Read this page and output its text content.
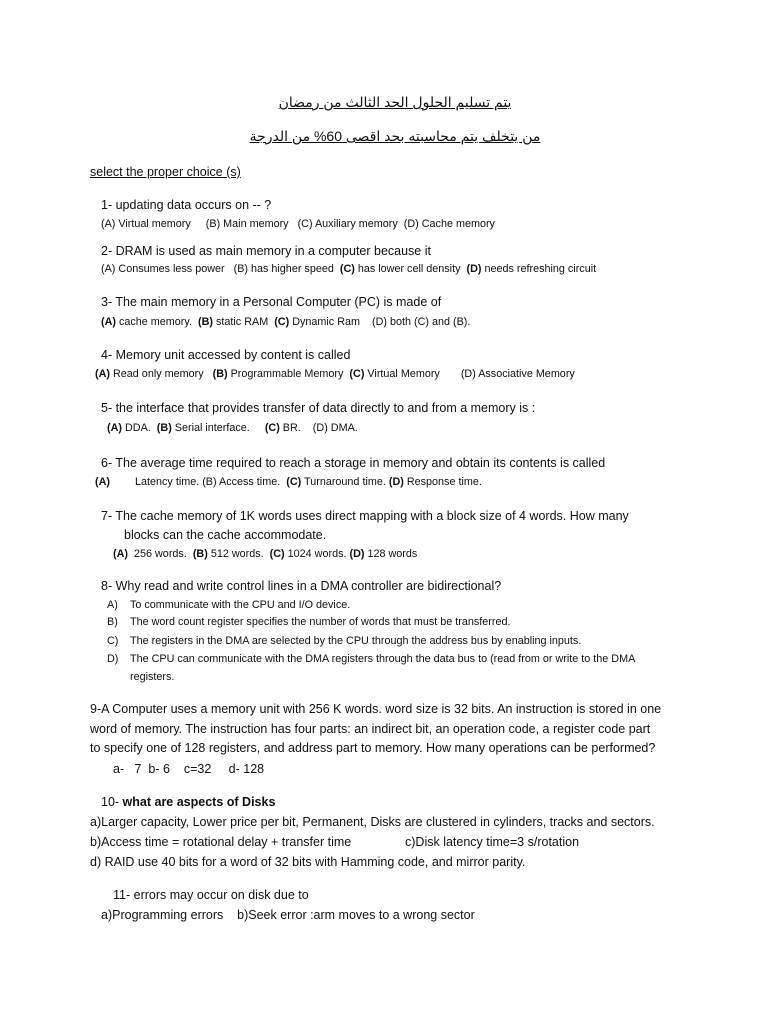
يتم تسليم الحلول الحد الثالث من رمضان
من يتخلف يتم محاسبته بحد اقصى 60% من الدرجة
select the proper choice (s)
1- updating data occurs on -- ?
(A) Virtual memory     (B) Main memory   (C) Auxiliary memory  (D) Cache memory
2- DRAM is used as main memory in a computer because it
(A) Consumes less power   (B) has higher speed  (C) has lower cell density  (D) needs refreshing circuit
3- The main memory in a Personal Computer (PC) is made of
(A) cache memory.  (B) static RAM  (C) Dynamic Ram    (D) both (C) and (B).
4- Memory unit accessed by content is called
(A) Read only memory   (B) Programmable Memory  (C) Virtual Memory       (D) Associative Memory
5- the interface that provides transfer of data directly to and from a memory is :
(A) DDA.  (B) Serial interface.     (C) BR.    (D) DMA.
6- The average time required to reach a storage in memory and obtain its contents is called
(A) Latency time. (B) Access time.  (C) Turnaround time. (D) Response time.
7- The cache memory of 1K words uses direct mapping with a block size of 4 words. How many
blocks can the cache accommodate.
(A)  256 words.  (B) 512 words.  (C) 1024 words. (D) 128 words
8- Why read and write control lines in a DMA controller are bidirectional?
A) To communicate with the CPU and I/O device.
B) The word count register specifies the number of words that must be transferred.
C) The registers in the DMA are selected by the CPU through the address bus by enabling inputs.
D) The CPU can communicate with the DMA registers through the data bus to (read from or write to the DMA
registers.
9-A Computer uses a memory unit with 256 K words. word size is 32 bits. An instruction is stored in one
word of memory. The instruction has four parts: an indirect bit, an operation code, a register code part
to specify one of 128 registers, and address part to memory. How many operations can be performed?
a-   7  b- 6    c=32     d- 128
10- what are aspects of Disks
a)Larger capacity, Lower price per bit, Permanent, Disks are clustered in cylinders, tracks and sectors.
b)Access time = rotational delay + transfer time	c)Disk latency time=3 s/rotation
d) RAID use 40 bits for a word of 32 bits with Hamming code, and mirror parity.
11- errors may occur on disk due to
a)Programming errors    b)Seek error :arm moves to a wrong sector
